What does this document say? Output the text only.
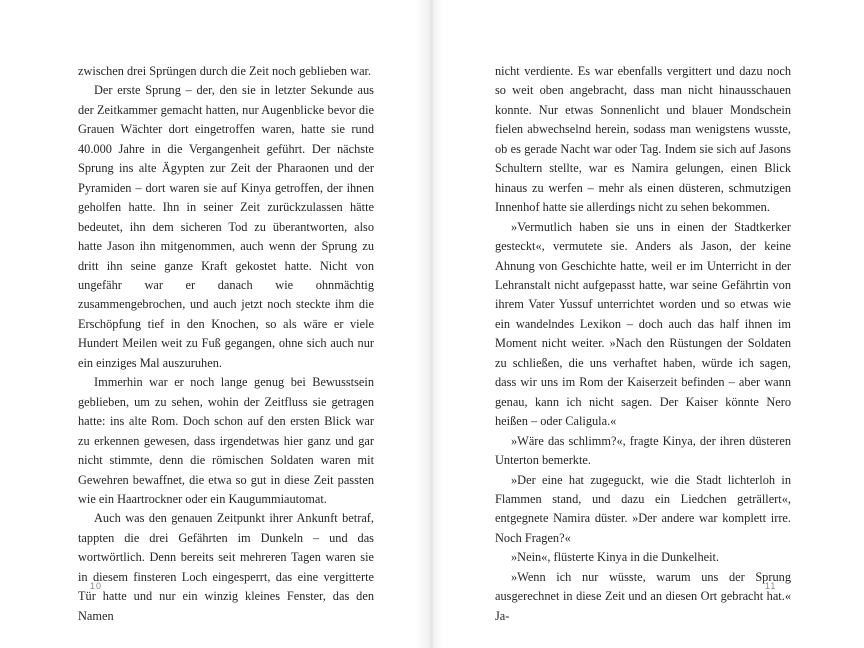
zwischen drei Sprüngen durch die Zeit noch geblieben war.

Der erste Sprung – der, den sie in letzter Sekunde aus der Zeitkammer gemacht hatten, nur Augenblicke bevor die Grauen Wächter dort eingetroffen waren, hatte sie rund 40.000 Jahre in die Vergangenheit geführt. Der nächste Sprung ins alte Ägypten zur Zeit der Pharaonen und der Pyramiden – dort waren sie auf Kinya getroffen, der ihnen geholfen hatte. Ihn in seiner Zeit zurückzulassen hätte bedeutet, ihn dem sicheren Tod zu überantworten, also hatte Jason ihn mitgenommen, auch wenn der Sprung zu dritt ihn seine ganze Kraft gekostet hatte. Nicht von ungefähr war er danach wie ohnmächtig zusammengebrochen, und auch jetzt noch steckte ihm die Erschöpfung tief in den Knochen, so als wäre er viele Hundert Meilen weit zu Fuß gegangen, ohne sich auch nur ein einziges Mal auszuruhen.

Immerhin war er noch lange genug bei Bewusstsein geblieben, um zu sehen, wohin der Zeitfluss sie getragen hatte: ins alte Rom. Doch schon auf den ersten Blick war zu erkennen gewesen, dass irgendetwas hier ganz und gar nicht stimmte, denn die römischen Soldaten waren mit Gewehren bewaffnet, die etwa so gut in diese Zeit passten wie ein Haartrockner oder ein Kaugummiautomat.

Auch was den genauen Zeitpunkt ihrer Ankunft betraf, tappten die drei Gefährten im Dunkeln – und das wortwörtlich. Denn bereits seit mehreren Tagen waren sie in diesem finsteren Loch eingesperrt, das eine vergitterte Tür hatte und nur ein winzig kleines Fenster, das den Namen

10

nicht verdiente. Es war ebenfalls vergittert und dazu noch so weit oben angebracht, dass man nicht hinausschauen konnte. Nur etwas Sonnenlicht und blauer Mondschein fielen abwechselnd herein, sodass man wenigstens wusste, ob es gerade Nacht war oder Tag. Indem sie sich auf Jasons Schultern stellte, war es Namira gelungen, einen Blick hinaus zu werfen – mehr als einen düsteren, schmutzigen Innenhof hatte sie allerdings nicht zu sehen bekommen.

»Vermutlich haben sie uns in einen der Stadtkerker gesteckt«, vermutete sie. Anders als Jason, der keine Ahnung von Geschichte hatte, weil er im Unterricht in der Lehranstalt nicht aufgepasst hatte, war seine Gefährtin von ihrem Vater Yussuf unterrichtet worden und so etwas wie ein wandelndes Lexikon – doch auch das half ihnen im Moment nicht weiter. »Nach den Rüstungen der Soldaten zu schließen, die uns verhaftet haben, würde ich sagen, dass wir uns im Rom der Kaiserzeit befinden – aber wann genau, kann ich nicht sagen. Der Kaiser könnte Nero heißen – oder Caligula.«

»Wäre das schlimm?«, fragte Kinya, der ihren düsteren Unterton bemerkte.

»Der eine hat zugeguckt, wie die Stadt lichterloh in Flammen stand, und dazu ein Liedchen geträllert«, entgegnete Namira düster. »Der andere war komplett irre. Noch Fragen?«

»Nein«, flüsterte Kinya in die Dunkelheit.

»Wenn ich nur wüsste, warum uns der Sprung ausgerechnet in diese Zeit und an diesen Ort gebracht hat.« Ja-

11
